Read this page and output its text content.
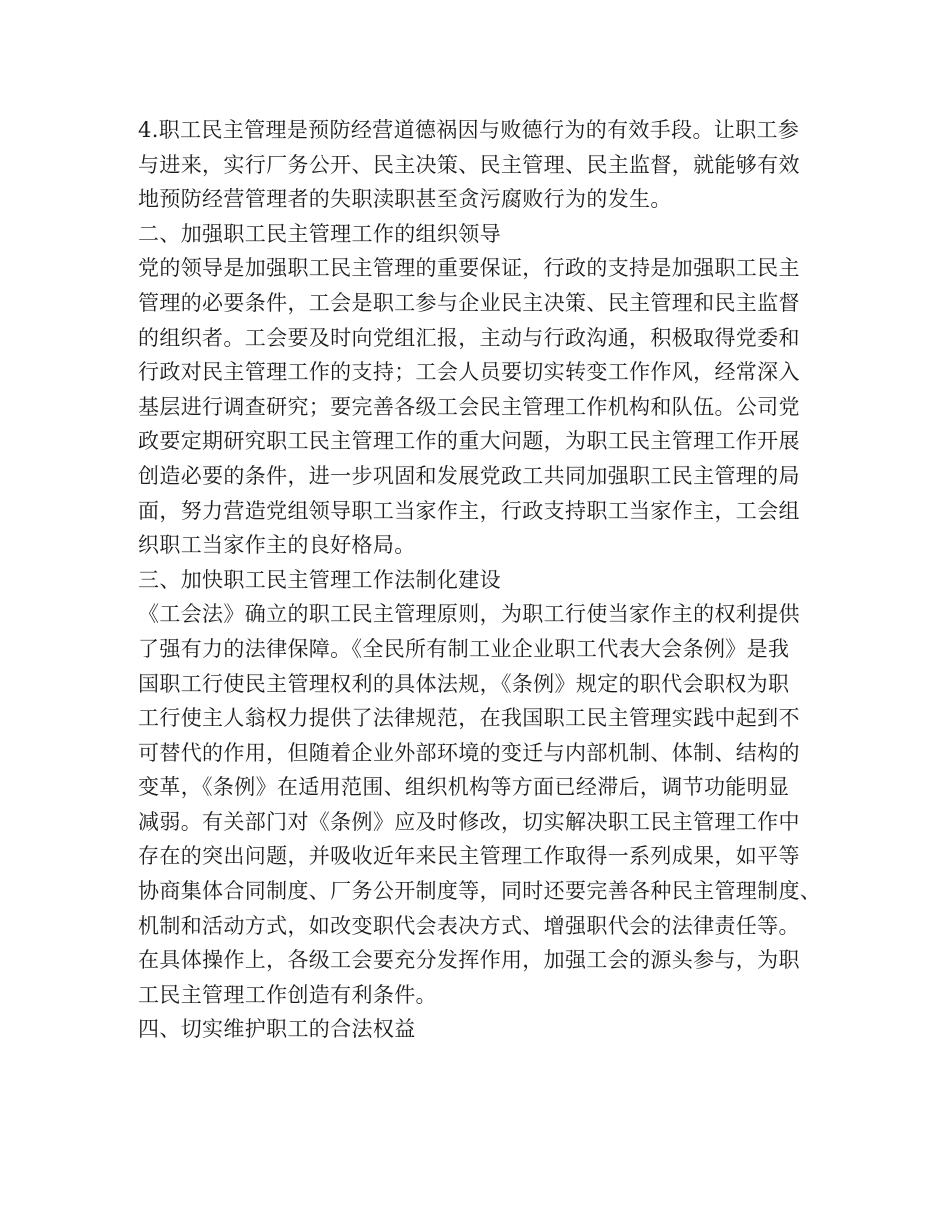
4.职工民主管理是预防经营道德祸因与败德行为的有效手段。让职工参
与进来，实行厂务公开、民主决策、民主管理、民主监督，就能够有效
地预防经营管理者的失职渎职甚至贪污腐败行为的发生。
二、加强职工民主管理工作的组织领导
党的领导是加强职工民主管理的重要保证，行政的支持是加强职工民主
管理的必要条件，工会是职工参与企业民主决策、民主管理和民主监督
的组织者。工会要及时向党组汇报，主动与行政沟通，积极取得党委和
行政对民主管理工作的支持；工会人员要切实转变工作作风，经常深入
基层进行调查研究；要完善各级工会民主管理工作机构和队伍。公司党
政要定期研究职工民主管理工作的重大问题，为职工民主管理工作开展
创造必要的条件，进一步巩固和发展党政工共同加强职工民主管理的局
面，努力营造党组领导职工当家作主，行政支持职工当家作主，工会组
织职工当家作主的良好格局。
三、加快职工民主管理工作法制化建设
《工会法》确立的职工民主管理原则，为职工行使当家作主的权利提供
了强有力的法律保障。《全民所有制工业企业职工代表大会条例》是我
国职工行使民主管理权利的具体法规，《条例》规定的职代会职权为职
工行使主人翁权力提供了法律规范，在我国职工民主管理实践中起到不
可替代的作用，但随着企业外部环境的变迁与内部机制、体制、结构的
变革，《条例》在适用范围、组织机构等方面已经滞后，调节功能明显
减弱。有关部门对《条例》应及时修改，切实解决职工民主管理工作中
存在的突出问题，并吸收近年来民主管理工作取得一系列成果，如平等
协商集体合同制度、厂务公开制度等，同时还要完善各种民主管理制度、
机制和活动方式，如改变职代会表决方式、增强职代会的法律责任等。
在具体操作上，各级工会要充分发挥作用，加强工会的源头参与，为职
工民主管理工作创造有利条件。
四、切实维护职工的合法权益
